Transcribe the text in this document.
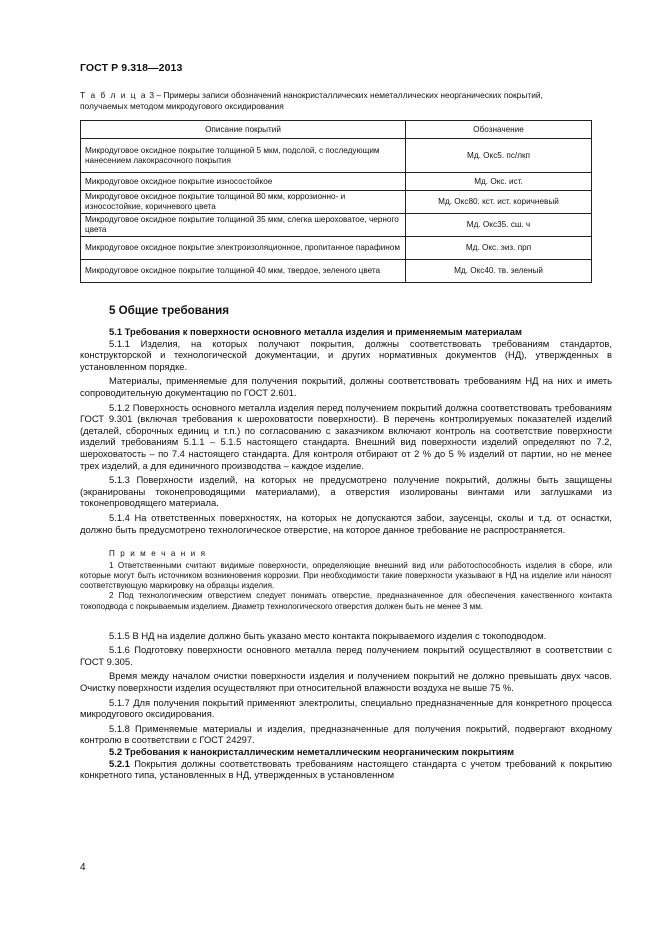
ГОСТ Р 9.318—2013
Т а б л и ц а 3 – Примеры записи обозначений нанокристаллических неметаллических неорганических покрытий, получаемых методом микродугового оксидирования
Описание покрытий	Обозначение
Микродуговое оксидное покрытие толщиной 5 мкм, подслой, с последующим нанесением лакокрасочного покрытия	Мд. Окс5. пс/лкп
Микродуговое оксидное покрытие износостойкое	Мд. Окс. ист.
Микродуговое оксидное покрытие толщиной 80 мкм, коррозионно- и износостойкие, коричневого цвета	Мд. Окс80. кст. ист. коричневый
Микродуговое оксидное покрытие толщиной 35 мкм, слегка шероховатое, черного цвета	Мд. Окс35. сш. ч
Микродуговое оксидное покрытие электроизоляционное, пропитанное парафином	Мд. Окс. эиз. прп
Микродуговое оксидное покрытие толщиной 40 мкм, твердое, зеленого цвета	Мд. Окс40. тв. зеленый
5 Общие требования
5.1 Требования к поверхности основного металла изделия и применяемым материалам

5.1.1 Изделия, на которых получают покрытия, должны соответствовать требованиям стандартов, конструкторской и технологической документации, и других нормативных документов (НД), утвержденных в установленном порядке.

Материалы, применяемые для получения покрытий, должны соответствовать требованиям НД на них и иметь сопроводительную документацию по ГОСТ 2.601.

5.1.2 Поверхность основного металла изделия перед получением покрытий должна соответствовать требованиям ГОСТ 9.301 (включая требования к шероховатости поверхности). В перечень контролируемых показателей изделий (деталей, сборочных единиц и т.п.) по согласованию с заказчиком включают контроль на соответствие поверхности изделий требованиям 5.1.1 – 5.1.5 настоящего стандарта. Внешний вид поверхности изделий определяют по 7.2, шероховатость – по 7.4 настоящего стандарта. Для контроля отбирают от 2 % до 5 % изделий от партии, но не менее трех изделий, а для единичного производства – каждое изделие.

5.1.3 Поверхности изделий, на которых не предусмотрено получение покрытий, должны быть защищены (экранированы токонепроводящими материалами), а отверстия изолированы винтами или заглушками из токонепроводящего материала.

5.1.4 На ответственных поверхностях, на которых не допускаются забои, заусенцы, сколы и т.д. от оснастки, должно быть предусмотрено технологическое отверстие, на которое данное требование не распространяется.

П р и м е ч а н и я

1 Ответственными считают видимые поверхности, определяющие внешний вид или работоспособность изделия в сборе, или которые могут быть источником возникновения коррозии. При необходимости такие поверхности указывают в НД на изделие или наносят соответствующую маркировку на образцы изделия.

2 Под технологическим отверстием следует понимать отверстие, предназначенное для обеспечения качественного контакта токоподвода с покрываемым изделием. Диаметр технологического отверстия должен быть не менее 3 мм.

5.1.5 В НД на изделие должно быть указано место контакта покрываемого изделия с токоподводом.

5.1.6 Подготовку поверхности основного металла перед получением покрытий осуществляют в соответствии с ГОСТ 9.305.

Время между началом очистки поверхности изделия и получением покрытий не должно превышать двух часов. Очистку поверхности изделия осуществляют при относительной влажности воздуха не выше 75 %.

5.1.7 Для получения покрытий применяют электролиты, специально предназначенные для конкретного процесса микродугового оксидирования.

5.1.8 Применяемые материалы и изделия, предназначенные для получения покрытий, подвергают входному контролю в соответствии с ГОСТ 24297.

5.2 Требования к нанокристаллическим неметаллическим неорганическим покрытиям

5.2.1 Покрытия должны соответствовать требованиям настоящего стандарта с учетом требований к покрытию конкретного типа, установленных в НД, утвержденных в установленном

4
